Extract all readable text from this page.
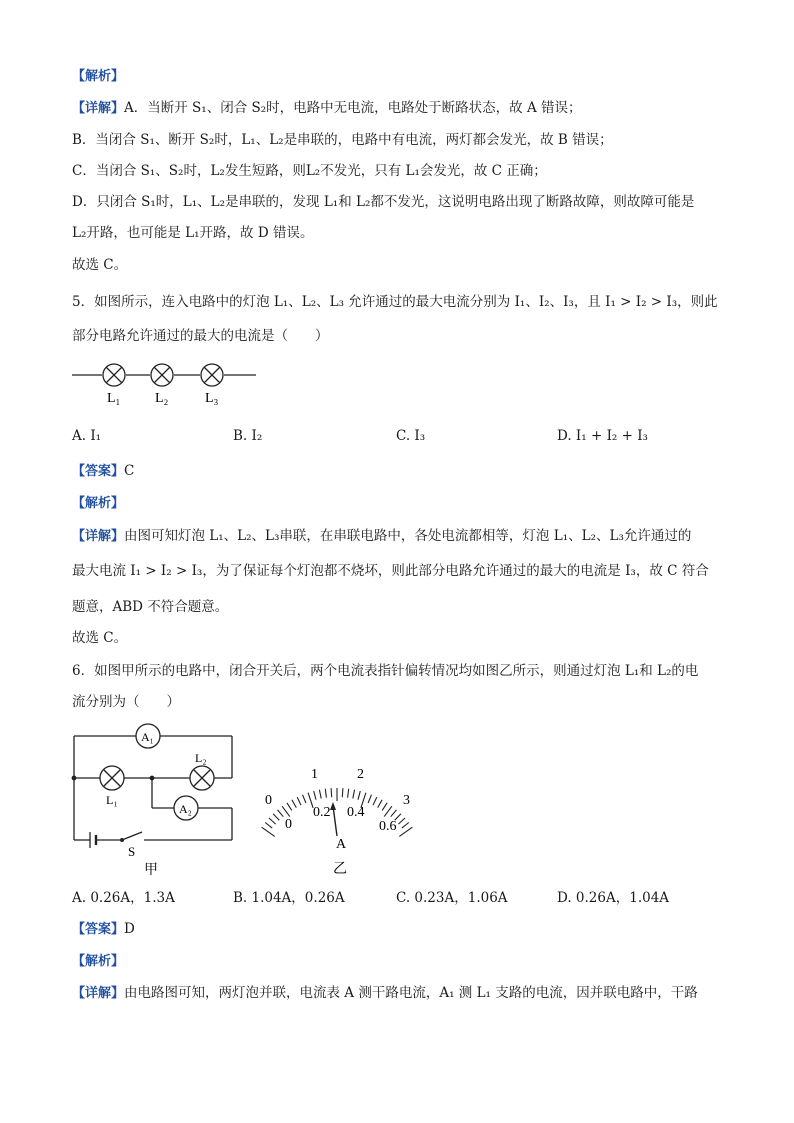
【解析】
【详解】A．当断开 S₁、闭合 S₂时，电路中无电流，电路处于断路状态，故 A 错误；
B．当闭合 S₁、断开 S₂时，L₁、L₂是串联的，电路中有电流，两灯都会发光，故 B 错误；
C．当闭合 S₁、S₂时，L₂发生短路，则L₂不发光，只有 L₁会发光，故 C 正确；
D．只闭合 S₁时，L₁、L₂是串联的，发现 L₁和 L₂都不发光，这说明电路出现了断路故障，则故障可能是
L₂开路，也可能是 L₁开路，故 D 错误。
故选 C。
5．如图所示，连入电路中的灯泡 L₁、L₂、L₃ 允许通过的最大电流分别为 I₁、I₂、I₃，且 I₁ > I₂ > I₃，则此
部分电路允许通过的最大的电流是（　　）
L₁ L₂	L₃
A. I₁	B. I₂	C. I₃	D. I₁ + I₂ + I₃
【答案】C
【解析】
【详解】由图可知灯泡 L₁、L₂、L₃串联，在串联电路中，各处电流都相等，灯泡 L₁、L₂、L₃允许通过的
最大电流 I₁ > I₂ > I₃，为了保证每个灯泡都不烧坏，则此部分电路允许通过的最大的电流是 I₃，故 C 符合
题意，ABD 不符合题意。
故选 C。
6．如图甲所示的电路中，闭合开关后，两个电流表指针偏转情况均如图乙所示，则通过灯泡 L₁和 L₂的电
流分别为（　　）
A₁
L₁
L₂
A₂
S
甲
0
1	2
3
0
0.2 0.4
0.6
A
乙
A. 0.26A，1.3A	B. 1.04A，0.26A	C. 0.23A，1.06A	D. 0.26A，1.04A
【答案】D
【解析】
【详解】由电路图可知，两灯泡并联，电流表 A 测干路电流，A₁ 测 L₁ 支路的电流，因并联电路中，干路
